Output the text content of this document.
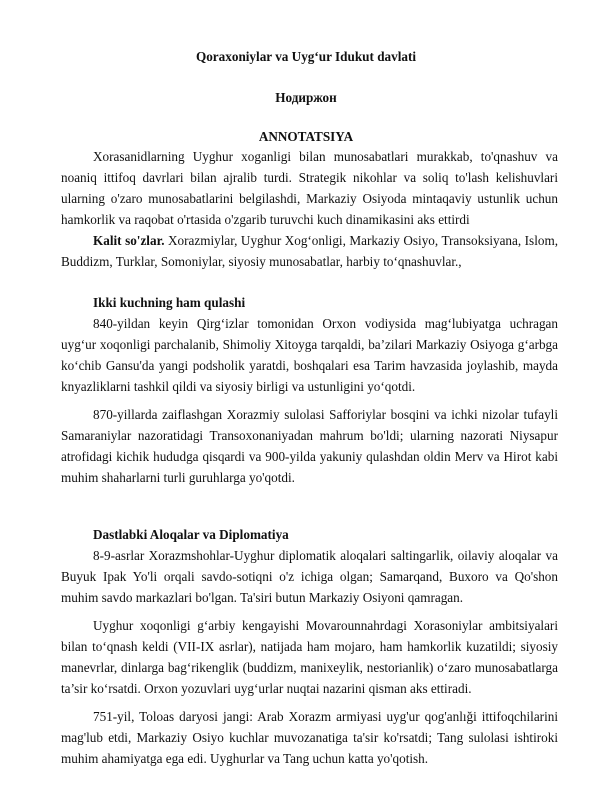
Qoraxoniylar va Uyg‘ur Idukut davlati
Нодиржон
ANNOTATSIYA

Xorasanidlarning Uyghur xoganligi bilan munosabatlari murakkab, to'qnashuv va noaniq ittifoq davrlari bilan ajralib turdi. Strategik nikohlar va soliq to'lash kelishuvlari ularning o'zaro munosabatlarini belgilashdi, Markaziy Osiyoda mintaqaviy ustunlik uchun hamkorlik va raqobat o'rtasida o'zgarib turuvchi kuch dinamikasini aks ettirdi

Kalit so'zlar. Xorazmiylar, Uyghur Xog‘onligi, Markaziy Osiyo, Transoksiyana, Islom, Buddizm, Turklar, Somoniylar, siyosiy munosabatlar, harbiy to‘qnashuvlar.,

Ikki kuchning ham qulashi

840-yildan keyin Qirg‘izlar tomonidan Orxon vodiysida mag‘lubiyatga uchragan uyg‘ur xoqonligi parchalanib, Shimoliy Xitoyga tarqaldi, ba’zilari Markaziy Osiyoga g‘arbga ko‘chib Gansu'da yangi podsholik yaratdi, boshqalari esa Tarim havzasida joylashib, mayda knyazliklarni tashkil qildi va siyosiy birligi va ustunligini yo‘qotdi.

870-yillarda zaiflashgan Xorazmiy sulolasi Safforiylar bosqini va ichki nizolar tufayli Samaraniylar nazoratidagi Transoxonaniyadan mahrum bo'ldi; ularning nazorati Niysapur atrofidagi kichik hududga qisqardi va 900-yilda yakuniy qulashdan oldin Merv va Hirot kabi muhim shaharlarni turli guruhlarga yo'qotdi.

Dastlabki Aloqalar va Diplomatiya

8-9-asrlar Xorazmshohlar-Uyghur diplomatik aloqalari saltingarlik, oilaviy aloqalar va Buyuk Ipak Yo'li orqali savdo-sotiqni o'z ichiga olgan; Samarqand, Buxoro va Qo'shon muhim savdo markazlari bo'lgan. Ta'siri butun Markaziy Osiyoni qamragan.

Uyghur xoqonligi g‘arbiy kengayishi Movarounnahrdagi Xorasoniylar ambitsiyalari bilan to‘qnash keldi (VII-IX asrlar), natijada ham mojaro, ham hamkorlik kuzatildi; siyosiy manevrlar, dinlarga bag‘rikenglik (buddizm, manixeylik, nestorianlik) o‘zaro munosabatlarga ta’sir ko‘rsatdi. Orxon yozuvlari uyg‘urlar nuqtai nazarini qisman aks ettiradi.

751-yil, Toloas daryosi jangi: Arab Xorazm armiyasi uyg'ur qog'anlıği ittifoqchilarini mag'lub etdi, Markaziy Osiyo kuchlar muvozanatiga ta'sir ko'rsatdi; Tang sulolasi ishtiroki muhim ahamiyatga ega edi. Uyghurlar va Tang uchun katta yo'qotish.
